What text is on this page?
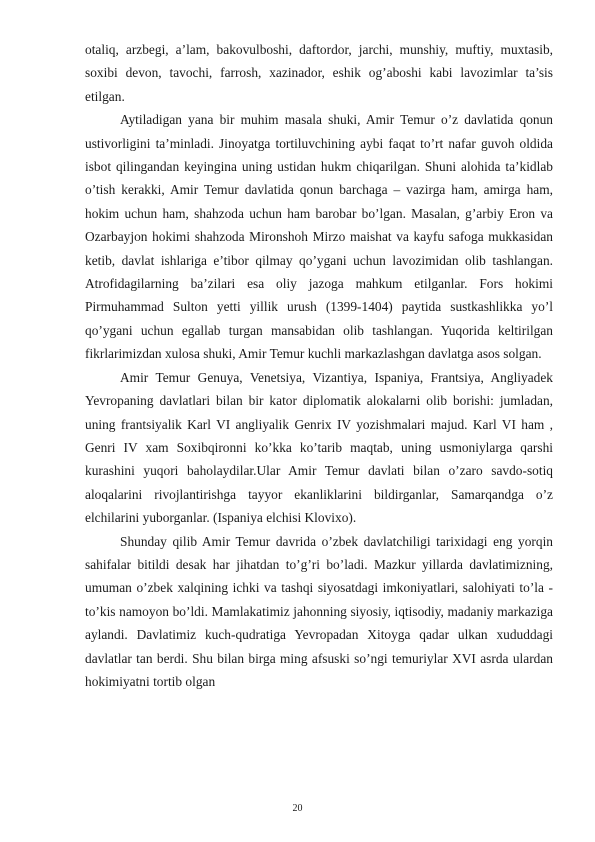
otaliq, arzbegi, a’lam, bakovulboshi, daftordor, jarchi, munshiy, muftiy, muxtasib, soxibi devon, tavochi, farrosh, xazinador, eshik og’aboshi kabi lavozimlar ta’sis etilgan.

Aytiladigan yana bir muhim masala shuki, Amir Temur o’z davlatida qonun ustivorligini ta’minladi. Jinoyatga tortiluvchining aybi faqat to’rt nafar guvoh oldida isbot qilingandan keyingina uning ustidan hukm chiqarilgan. Shuni alohida ta’kidlab o’tish kerakki, Amir Temur davlatida qonun barchaga – vazirga ham, amirga ham, hokim uchun ham, shahzoda uchun ham barobar bo’lgan. Masalan, g’arbiy Eron va Ozarbayjon hokimi shahzoda Mironshoh Mirzo maishat va kayfu safoga mukkasidan ketib, davlat ishlariga e’tibor qilmay qo’ygani uchun lavozimidan olib tashlangan. Atrofidagilarning ba’zilari esa oliy jazoga mahkum etilganlar. Fors hokimi Pirmuhammad Sulton yetti yillik urush (1399-1404) paytida sustkashlikka yo’l qo’ygani uchun egallab turgan mansabidan olib tashlangan. Yuqorida keltirilgan fikrlarimizdan xulosa shuki, Amir Temur kuchli markazlashgan davlatga asos solgan.

Amir Temur Genuya, Venetsiya, Vizantiya, Ispaniya, Frantsiya, Angliyadek Yevropaning davlatlari bilan bir kator diplomatik alokalarni olib borishi: jumladan, uning frantsiyalik Karl VI angliyalik Genrix IV yozishmalari majud. Karl VI ham , Genri IV xam Soxibqironni ko’kka ko’tarib maqtab, uning usmoniylarga qarshi kurashini yuqori baholaydilar.Ular Amir Temur davlati bilan o’zaro savdo-sotiq aloqalarini rivojlantirishga tayyor ekanliklarini bildirganlar, Samarqandga o’z elchilarini yuborganlar. (Ispaniya elchisi Klovixo).

Shunday qilib Amir Temur davrida o’zbek davlatchiligi tarixidagi eng yorqin sahifalar bitildi desak har jihatdan to’g’ri bo’ladi. Mazkur yillarda davlatimizning, umuman o’zbek xalqining ichki va tashqi siyosatdagi imkoniyatlari, salohiyati to’la -to’kis namoyon bo’ldi. Mamlakatimiz jahonning siyosiy, iqtisodiy, madaniy markaziga aylandi. Davlatimiz kuch-qudratiga Yevropadan Xitoyga qadar ulkan xududdagi davlatlar tan berdi. Shu bilan birga ming afsuski so’ngi temuriylar XVI asrda ulardan hokimiyatni tortib olgan

20
